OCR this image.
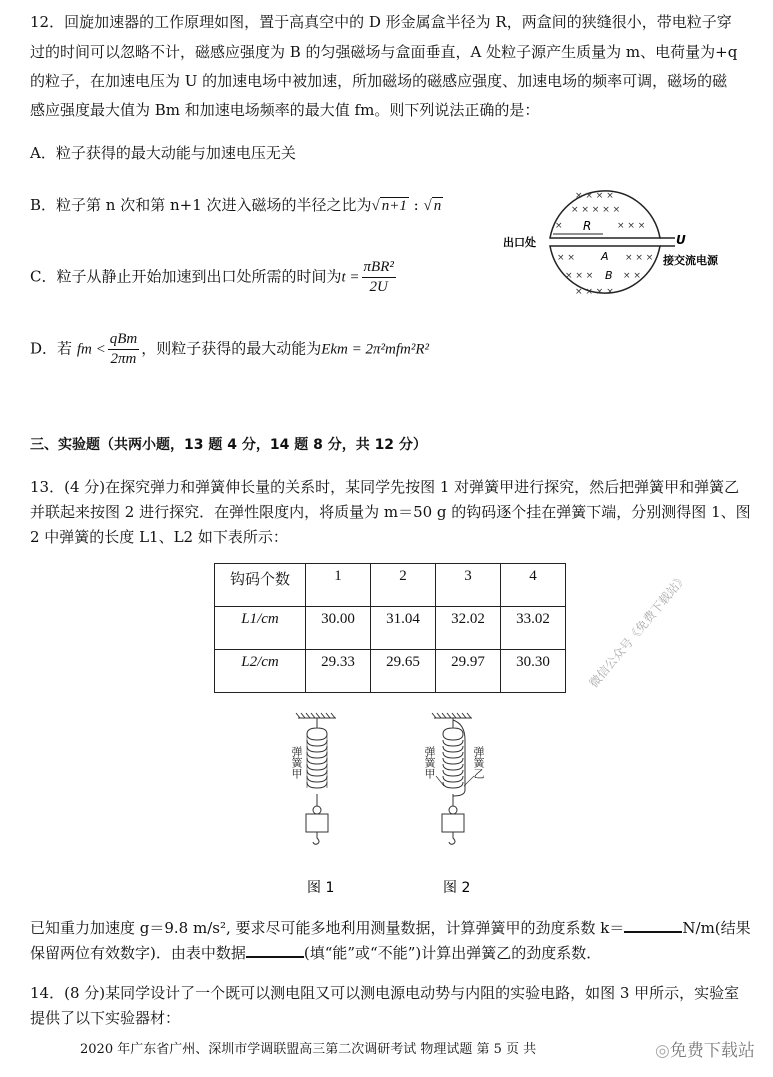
12．回旋加速器的工作原理如图，置于高真空中的 D 形金属盒半径为 R，两盒间的狭缝很小，带电粒子穿
过的时间可以忽略不计，磁感应强度为 B 的匀强磁场与盒面垂直，A 处粒子源产生质量为 m、电荷量为+q
的粒子，在加速电压为 U 的加速电场中被加速，所加磁场的磁感应强度、加速电场的频率可调，磁场的磁
感应强度最大值为 Bm 和加速电场频率的最大值 fm。则下列说法正确的是：
A．粒子获得的最大动能与加速电压无关
B．粒子第 n 次和第 n+1 次进入磁场的半径之比为√ n+1 : √ n
C．粒子从静止开始加速到出口处所需的时间为$t = \frac{\text{πBR²}}{2U}$
D．若 fm < $\frac{\text{qBm}}{2\pi m}$ ，则粒子获得的最大动能为Ekm = 2π²mfm²R²
× × × ×
× × × × ×
×	× × ×
× ×	× × ×
× × ×	× ×
× × × ×
R
A
B
出口处	U
接交流电源
三、实验题（共两小题，13 题 4 分，14 题 8 分，共 12 分）
13．(4 分)在探究弹力和弹簧伸长量的关系时，某同学先按图 1 对弹簧甲进行探究，然后把弹簧甲和弹簧乙
并联起来按图 2 进行探究．在弹性限度内，将质量为 m＝50 g 的钩码逐个挂在弹簧下端，分别测得图 1、图
2 中弹簧的长度 L1、L2 如下表所示：
钩码个数	1	2	3	4
L1/cm	30.00	31.04	32.02	33.02
L2/cm	29.33	29.65	29.97	30.30	微信公众号《免费下载站》
图 1	图 2
弹簧甲	弹簧甲	弹簧乙
已知重力加速度 g＝9.8 m/s², 要求尽可能多地利用测量数据，计算弹簧甲的劲度系数 k＝	N/m(结果
保留两位有效数字)．由表中数据	(填“能”或“不能”)计算出弹簧乙的劲度系数．
14．(8 分)某同学设计了一个既可以测电阻又可以测电源电动势与内阻的实验电路，如图 3 甲所示，实验室
提供了以下实验器材：
2020 年广东省广州、深圳市学调联盟高三第二次调研考试 物理试题 第 5 页 共	◎免费下载站
